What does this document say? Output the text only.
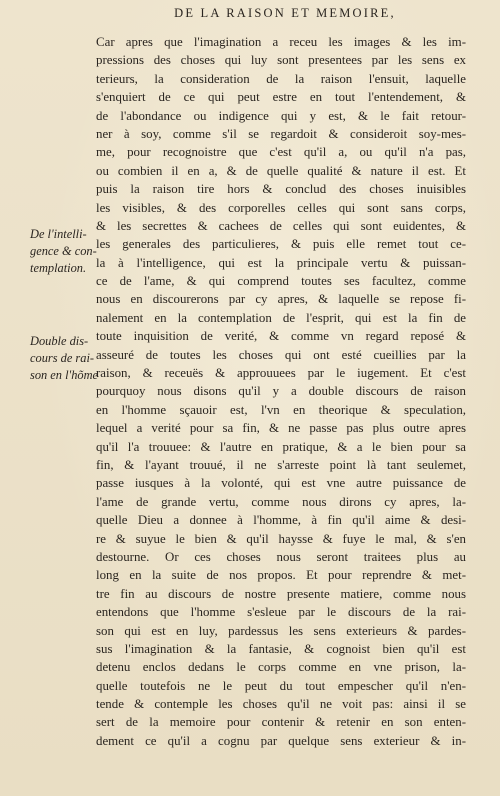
DE LA RAISON ET MEMOIRE,
De l'intelli-
gence & con-
templation.
Double dis-
cours de rai-
son en l'hõme
Car apres que l'imagination a receu les images & les im-
pressions des choses qui luy sont presentees par les sens ex
terieurs, la consideration de la raison l'ensuit, laquelle
s'enquiert de ce qui peut estre en tout l'entendement, &
de l'abondance ou indigence qui y est, & le fait retour-
ner à soy, comme s'il se regardoit & consideroit soy-mes-
me, pour recognoistre que c'est qu'il a, ou qu'il n'a pas,
ou combien il en a, & de quelle qualité & nature il est. Et
puis la raison tire hors & conclud des choses inuisibles
les visibles, & des corporelles celles qui sont sans corps,
& les secrettes & cachees de celles qui sont euidentes, &
les generales des particulieres, & puis elle remet tout ce-
la à l'intelligence, qui est la principale vertu & puissan-
ce de l'ame, & qui comprend toutes ses facultez, comme
nous en discourerons par cy apres, & laquelle se repose fi-
nalement en la contemplation de l'esprit, qui est la fin de
toute inquisition de verité, & comme vn regard reposé &
asseuré de toutes les choses qui ont esté cueillies par la
raison, & receuës & approuuees par le iugement. Et c'est
pourquoy nous disons qu'il y a double discours de raison
en l'homme sçauoir est, l'vn en theorique & speculation,
lequel a verité pour sa fin, & ne passe pas plus outre apres
qu'il l'a trouuee: & l'autre en pratique, & a le bien pour sa
fin, & l'ayant trouué, il ne s'arreste point là tant seulemet,
passe iusques à la volonté, qui est vne autre puissance de
l'ame de grande vertu, comme nous dirons cy apres, la-
quelle Dieu a donnee à l'homme, à fin qu'il aime & desi-
re & suyue le bien & qu'il haysse & fuye le mal, & s'en
destourne. Or ces choses nous seront traitees plus au
long en la suite de nos propos. Et pour reprendre & met-
tre fin au discours de nostre presente matiere, comme nous
entendons que l'homme s'esleue par le discours de la rai-
son qui est en luy, pardessus les sens exterieurs & pardes-
sus l'imagination & la fantasie, & cognoist bien qu'il est
detenu enclos dedans le corps comme en vne prison, la-
quelle toutefois ne le peut du tout empescher qu'il n'en-
tende & contemple les choses qu'il ne voit pas: ainsi il se
sert de la memoire pour contenir & retenir en son enten-
dement ce qu'il a cognu par quelque sens exterieur & in-
